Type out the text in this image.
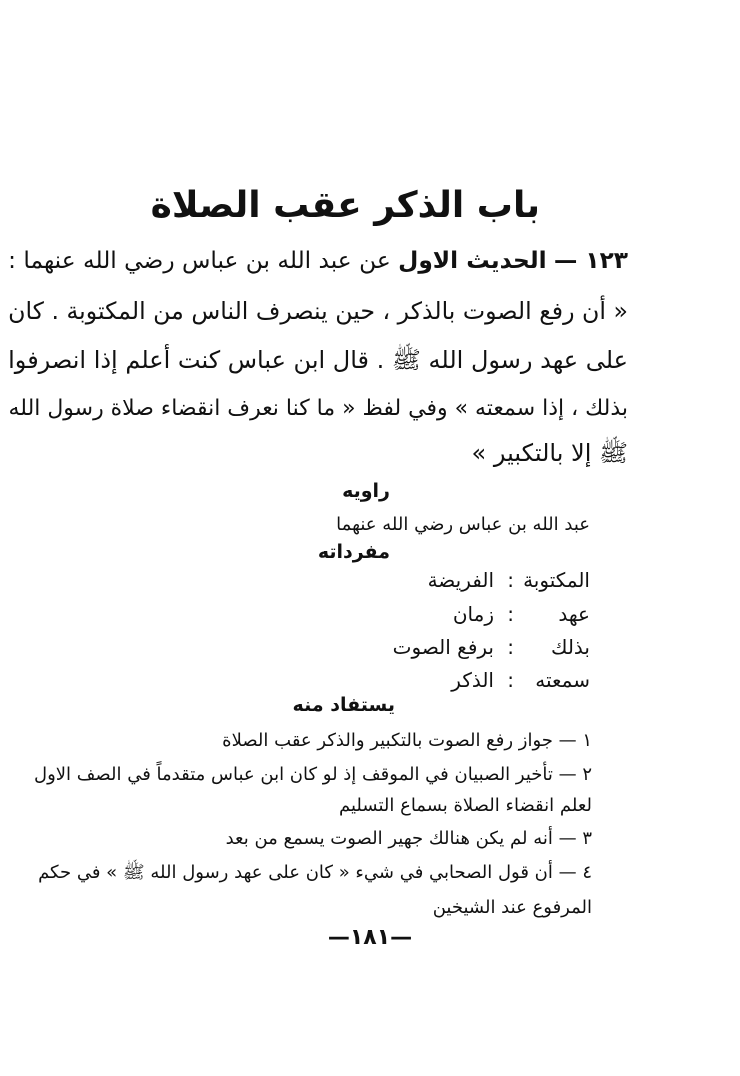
باب الذكر عقب الصلاة
١٢٣ — الحديث الاول عن عبد الله بن عباس رضي الله عنهما :
« أن رفع الصوت بالذكر ، حين ينصرف الناس من المكتوبة . كان
على عهد رسول الله ﷺ . قال ابن عباس كنت أعلم إذا انصرفوا
بذلك ، إذا سمعته » وفي لفظ « ما كنا نعرف انقضاء صلاة رسول الله
ﷺ إلا بالتكبير »
راويه
عبد الله بن عباس رضي الله عنهما
مفرداته
المكتوبة
:
الفريضة
عهد
:
زمان
بذلك
:
برفع الصوت
سمعته
:
الذكر
يستفاد منه
١ — جواز رفع الصوت بالتكبير والذكر عقب الصلاة
٢ — تأخير الصبيان في الموقف إذ لو كان ابن عباس متقدماً في الصف الاول
لعلم انقضاء الصلاة بسماع التسليم
٣ — أنه لم يكن هنالك جهير الصوت يسمع من بعد
٤ — أن قول الصحابي في شيء « كان على عهد رسول الله ﷺ » في حكم
المرفوع عند الشيخين
—١٨١—
